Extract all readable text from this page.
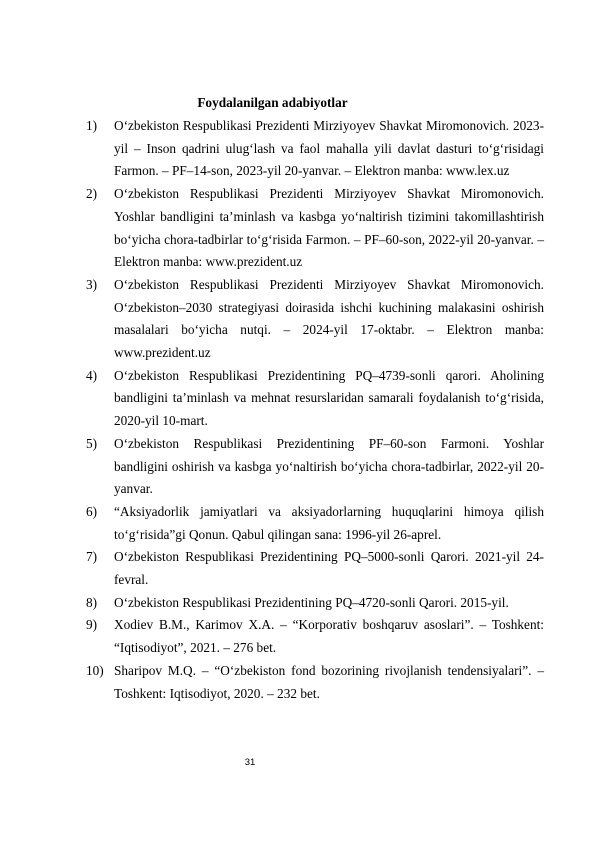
Foydalanilgan adabiyotlar
1)	O‘zbekiston Respublikasi Prezidenti Mirziyoyev Shavkat Miromonovich. 2023-yil – Inson qadrini ulug‘lash va faol mahalla yili davlat dasturi to‘g‘risidagi Farmon. – PF–14-son, 2023-yil 20-yanvar. – Elektron manba: www.lex.uz
2)	O‘zbekiston Respublikasi Prezidenti Mirziyoyev Shavkat Miromonovich. Yoshlar bandligini ta’minlash va kasbga yo‘naltirish tizimini takomillashtirish bo‘yicha chora-tadbirlar to‘g‘risida Farmon. – PF–60-son, 2022-yil 20-yanvar. – Elektron manba: www.prezident.uz
3)	O‘zbekiston Respublikasi Prezidenti Mirziyoyev Shavkat Miromonovich. O‘zbekiston–2030 strategiyasi doirasida ishchi kuchining malakasini oshirish masalalari bo‘yicha nutqi. – 2024-yil 17-oktabr. – Elektron manba: www.prezident.uz
4)	O‘zbekiston Respublikasi Prezidentining PQ–4739-sonli qarori. Aholining bandligini ta’minlash va mehnat resurslaridan samarali foydalanish to‘g‘risida, 2020-yil 10-mart.
5)	O‘zbekiston Respublikasi Prezidentining PF–60-son Farmoni. Yoshlar bandligini oshirish va kasbga yo‘naltirish bo‘yicha chora-tadbirlar, 2022-yil 20-yanvar.
6)	“Aksiyadorlik jamiyatlari va aksiyadorlarning huquqlarini himoya qilish to‘g‘risida”gi Qonun. Qabul qilingan sana: 1996-yil 26-aprel.
7)	O‘zbekiston Respublikasi Prezidentining PQ–5000-sonli Qarori. 2021-yil 24-fevral.
8)	O‘zbekiston Respublikasi Prezidentining PQ–4720-sonli Qarori. 2015-yil.
9)	Xodiev B.M., Karimov X.A. – “Korporativ boshqaruv asoslari”. – Toshkent: “Iqtisodiyot”, 2021. – 276 bet.
10) Sharipov M.Q. – “O‘zbekiston fond bozorining rivojlanish tendensiyalari”. – Toshkent: Iqtisodiyot, 2020. – 232 bet.
31
